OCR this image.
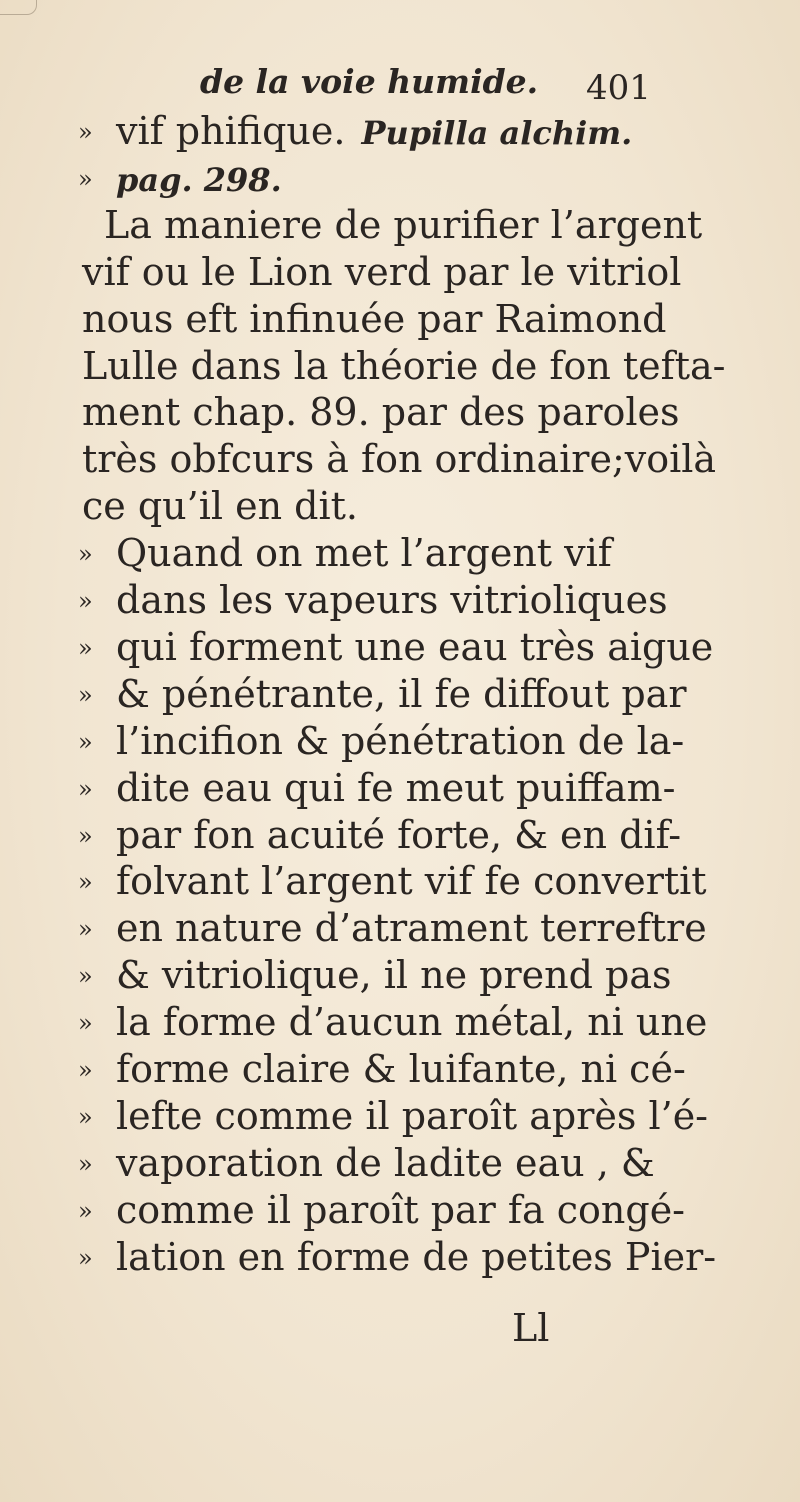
de la voie humide. 401
» vif phifique. Pupilla alchim.
» pag. 298.
La maniere de purifier l’argent
vif ou le Lion verd par le vitriol
nous eft infinuée par Raimond
Lulle dans la théorie de fon tefta-
ment chap. 89. par des paroles
très obfcurs à fon ordinaire;voilà
ce qu’il en dit.
» Quand on met l’argent vif
» dans les vapeurs vitrioliques
» qui forment une eau très aigue
» & pénétrante, il fe diffout par
» l’incifion & pénétration de la-
» dite eau qui fe meut puiffam-
» par fon acuité forte, & en dif-
» folvant l’argent vif fe convertit
» en nature d’atrament terreftre
» & vitriolique, il ne prend pas
» la forme d’aucun métal, ni une
» forme claire & luifante, ni cé-
» lefte comme il paroît après l’é-
» vaporation de ladite eau , &
» comme il paroît par fa congé-
» lation en forme de petites Pier-
Ll
